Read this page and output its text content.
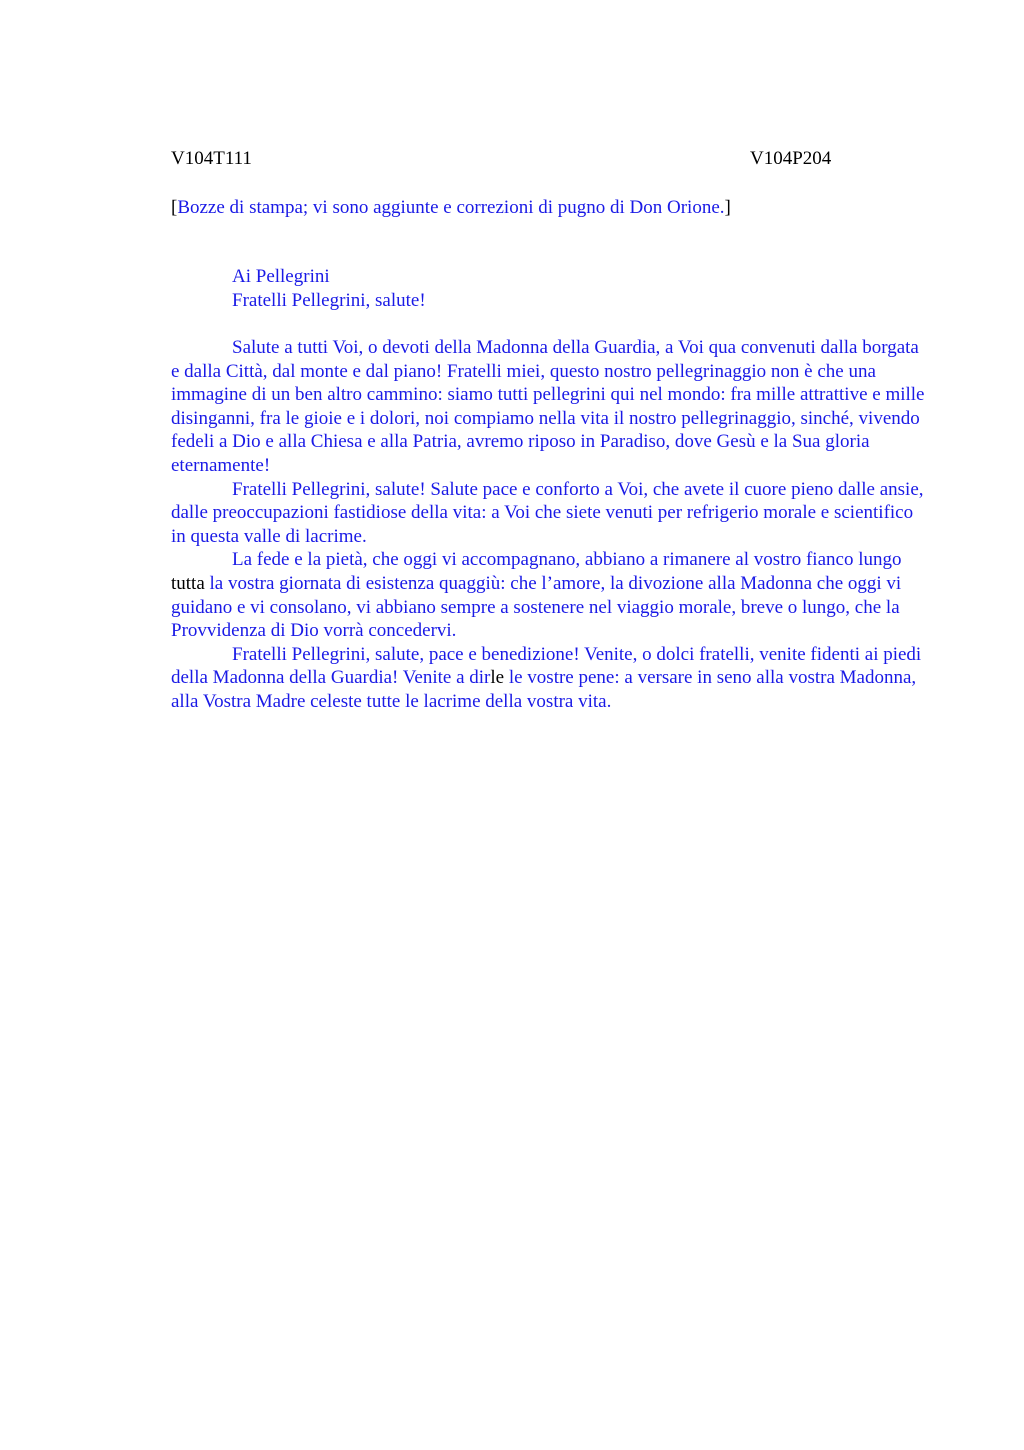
V104T111	V104P204
[Bozze di stampa; vi sono aggiunte e correzioni di pugno di Don Orione.]
Ai Pellegrini
Fratelli Pellegrini, salute!

Salute a tutti Voi, o devoti della Madonna della Guardia, a Voi qua convenuti dalla borgata e dalla Città, dal monte e dal piano! Fratelli miei, questo nostro pellegrinaggio non è che una immagine di un ben altro cammino: siamo tutti pellegrini qui nel mondo: fra mille attrattive e mille disinganni, fra le gioie e i dolori, noi compiamo nella vita il nostro pellegrinaggio, sinché, vivendo fedeli a Dio e alla Chiesa e alla Patria, avremo riposo in Paradiso, dove Gesù e la Sua gloria eternamente!

Fratelli Pellegrini, salute! Salute pace e conforto a Voi, che avete il cuore pieno dalle ansie, dalle preoccupazioni fastidiose della vita: a Voi che siete venuti per refrigerio morale e scientifico in questa valle di lacrime.

La fede e la pietà, che oggi vi accompagnano, abbiano a rimanere al vostro fianco lungo tutta la vostra giornata di esistenza quaggiù: che l’amore, la divozione alla Madonna che oggi vi guidano e vi consolano, vi abbiano sempre a sostenere nel viaggio morale, breve o lungo, che la Provvidenza di Dio vorrà concedervi.

Fratelli Pellegrini, salute, pace e benedizione! Venite, o dolci fratelli, venite fidenti ai piedi della Madonna della Guardia! Venite a dirle le vostre pene: a versare in seno alla vostra Madonna, alla Vostra Madre celeste tutte le lacrime della vostra vita.
